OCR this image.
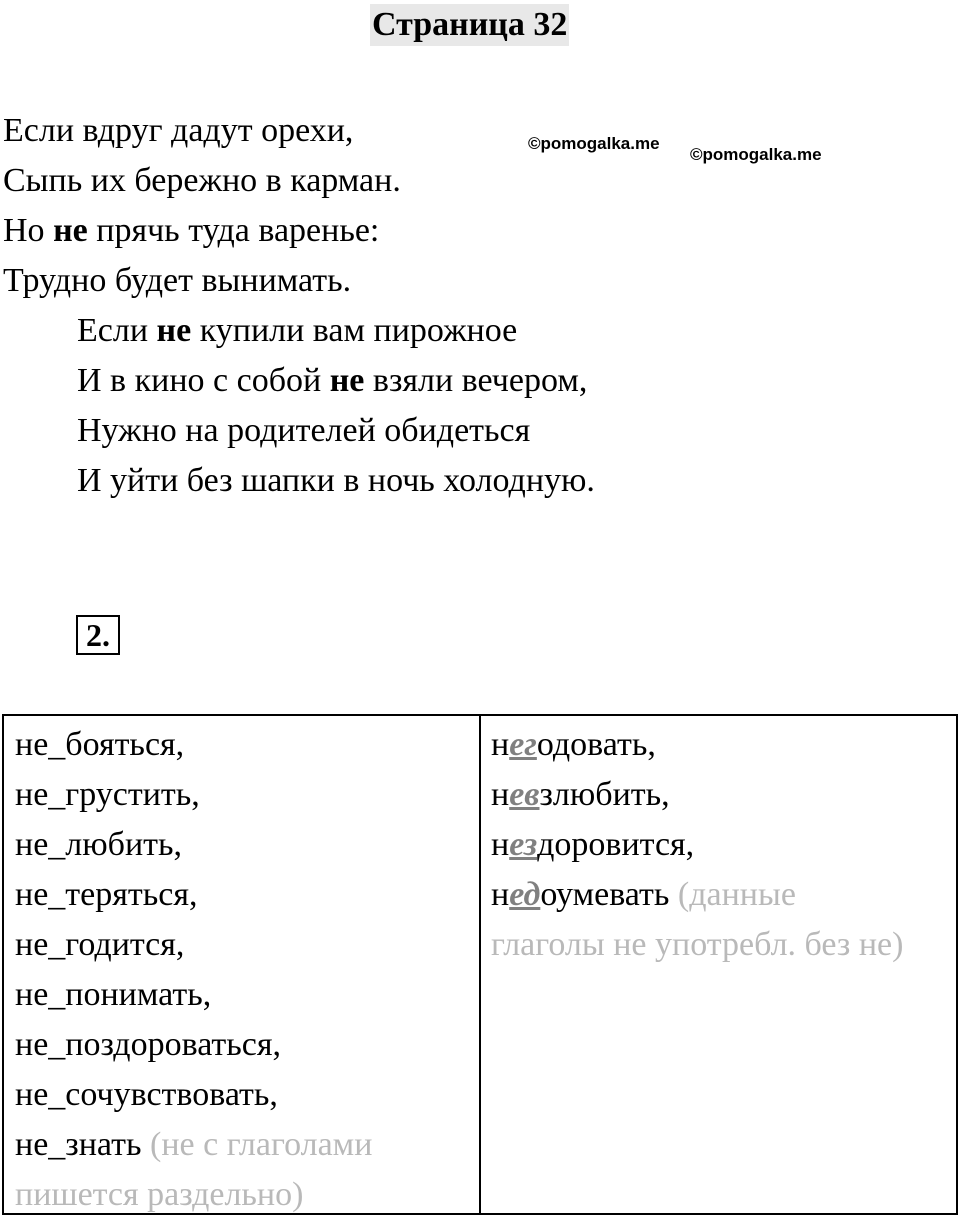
Страница 32
©pomogalka.me
©pomogalka.me
Если вдруг дадут орехи,
Сыпь их бережно в карман.
Но не прячь туда варенье:
Трудно будет вынимать.
Если не купили вам пирожное
И в кино с собой не взяли вечером,
Нужно на родителей обидеться
И уйти без шапки в ночь холодную.
2.
не_бояться,
не_грустить,
не_любить,
не_теряться,
не_годится,
не_понимать,
не_поздороваться,
не_сочувствовать,
не_знать (не с глаголами
пишется раздельно)
негодовать,
невзлюбить,
нездоровится,
недоумевать (данные
глаголы не употребл. без не)
